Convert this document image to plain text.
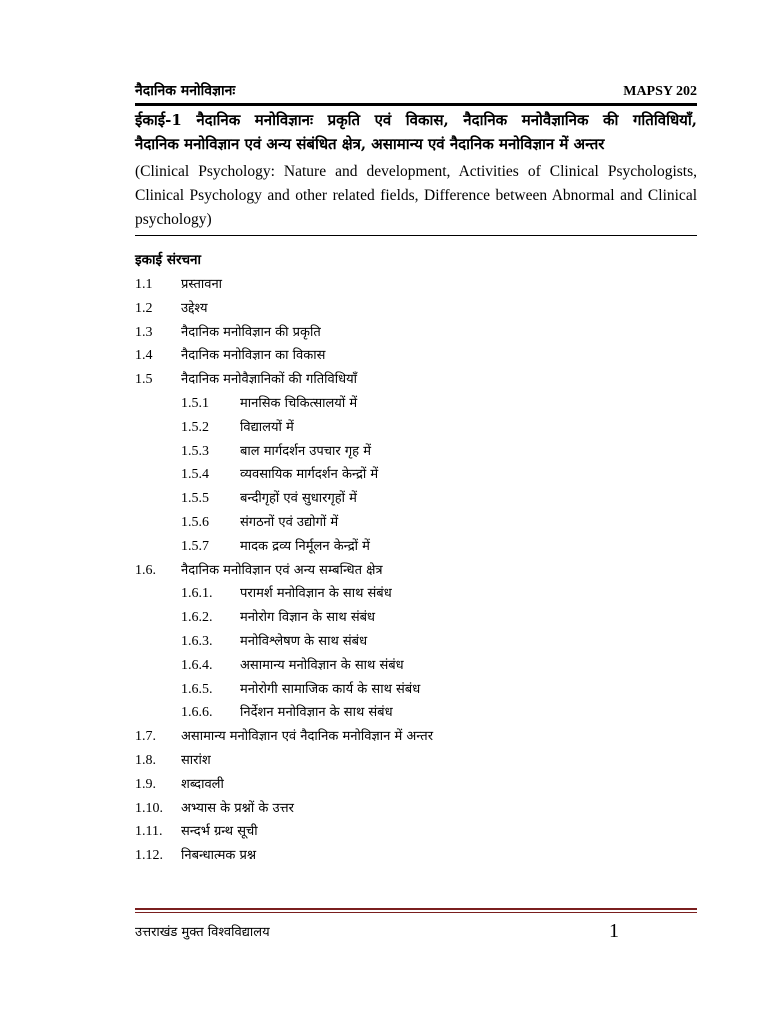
नैदानिक मनोविज्ञानः	MAPSY 202
ईकाई-1 नैदानिक मनोविज्ञानः प्रकृति एवं विकास, नैदानिक मनोवैज्ञानिक की गतिविधियाँ,
नैदानिक मनोविज्ञान एवं अन्य संबंधित क्षेत्र, असामान्य एवं नैदानिक मनोविज्ञान में अन्तर
(Clinical Psychology: Nature and development, Activities of Clinical Psychologists, Clinical Psychology and other related fields, Difference between Abnormal and Clinical psychology)
इकाई संरचना
1.1	प्रस्तावना
1.2	उद्देश्य
1.3	नैदानिक मनोविज्ञान की प्रकृति
1.4	नैदानिक मनोविज्ञान का विकास
1.5	नैदानिक मनोवैज्ञानिकों की गतिविधियाँ
1.5.1	मानसिक चिकित्सालयों में
1.5.2	विद्यालयों में
1.5.3	बाल मार्गदर्शन उपचार गृह में
1.5.4	व्यवसायिक मार्गदर्शन केन्द्रों में
1.5.5	बन्दीगृहों एवं सुधारगृहों में
1.5.6	संगठनों एवं उद्योगों में
1.5.7	मादक द्रव्य निर्मूलन केन्द्रों में
1.6.	नैदानिक मनोविज्ञान एवं अन्य सम्बन्धित क्षेत्र
1.6.1.	परामर्श मनोविज्ञान के साथ संबंध
1.6.2.	मनोरोग विज्ञान के साथ संबंध
1.6.3.	मनोविश्लेषण के साथ संबंध
1.6.4.	असामान्य मनोविज्ञान के साथ संबंध
1.6.5.	मनोरोगी सामाजिक कार्य के साथ संबंध
1.6.6.	निर्देशन मनोविज्ञान के साथ संबंध
1.7.	असामान्य मनोविज्ञान एवं नैदानिक मनोविज्ञान में अन्तर
1.8.	सारांश
1.9.	शब्दावली
1.10.	अभ्यास के प्रश्नों के उत्तर
1.11.	सन्दर्भ ग्रन्थ सूची
1.12.	निबन्धात्मक प्रश्न
उत्तराखंड मुक्त विश्वविद्यालय	1
